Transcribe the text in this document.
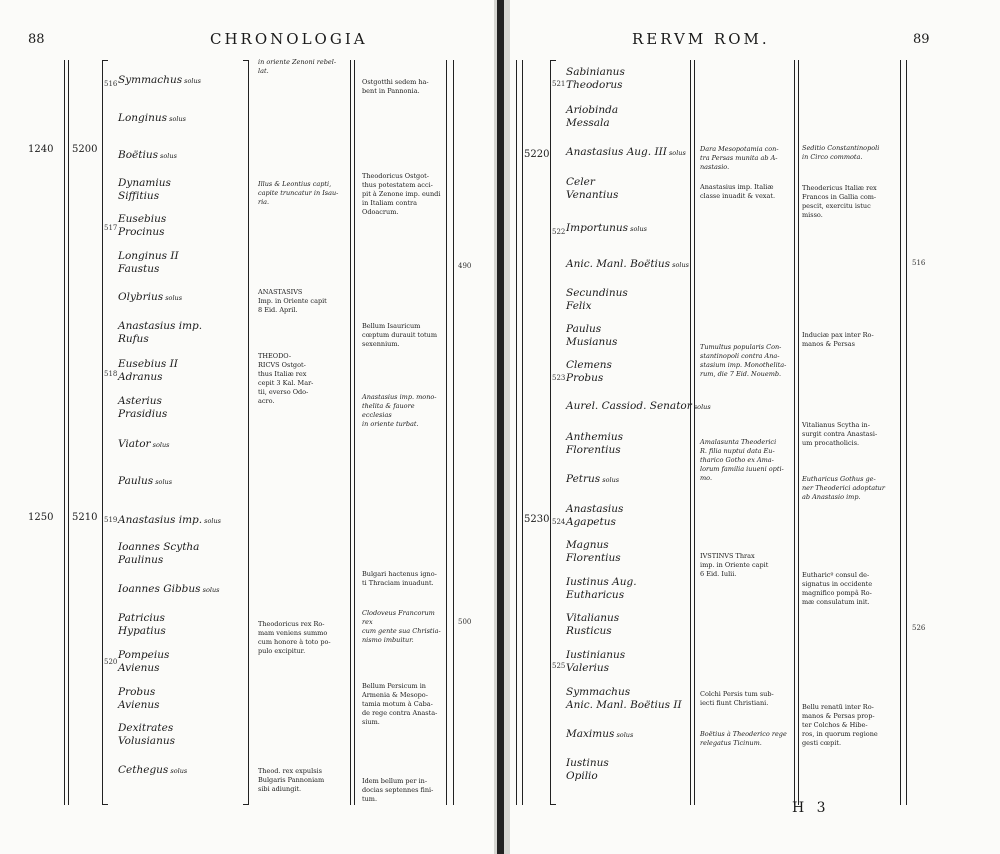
88	CHRONOLOGIA
1240
1250
5200
5210
516
517
518
519
520
Symmachus solus
Longinus solus
Boëtius solus
Dynamius
Siffitius
Eusebius
Procinus
Longinus II
Faustus
Olybrius solus
Anastasius imp.
Rufus
Eusebius II
Adranus
Asterius
Prasidius
Viator solus
Paulus solus
Anastasius imp. solus
Ioannes Scytha
Paulinus
Ioannes Gibbus solus
Patricius
Hypatius
Pompeius
Avienus
Probus
Avienus
Dexitrates
Volusianus
Cethegus solus
in oriente Zenoni rebel-
lat.
Illus & Leontius capti,
capite truncatur in Isau-
ria.
ANASTASIVS
Imp. in Oriente capit
8 Eid. April.
THEODO-
RICVS Ostgot-
thus Italiæ rex
cepit 3 Kal. Mar-
tii, everso Odo-
acro.
Theodoricus rex Ro-
mam veniens summo
cum honore à toto po-
pulo excipitur.
Theod. rex expulsis
Bulgaris Pannoniam
sibi adiungit.
Ostgotthi sedem ha-
bent in Pannonia.
Theodoricus Ostgot-
thus potestatem acci-
pit à Zenone imp. eundi
in Italiam contra
Odoacrum.
Bellum Isauricum
cœptum durauit totum
sexennium.
Anastasius imp. mono-
thelita & fauore ecclesias
in oriente turbat.
Bulgari hactenus igno-
ti Thraciam inuadunt.
Clodoveus Francorum rex
cum gente sua Christia-
nismo imbuitur.
Bellum Persicum in
Armenia & Mesopo-
tamia motum à Caba-
de rege contra Anasta-
sium.
Idem bellum per in-
docias septennes fini-
tum.
490
500
RERVM ROM.	89
5220
5230
521
522
523
524
525
Sabinianus
Theodorus
Ariobinda
Messala
Anastasius Aug. III solus
Celer
Venantius
Importunus solus
Anic. Manl. Boëtius solus
Secundinus
Felix
Paulus
Musianus
Clemens
Probus
Aurel. Cassiod. Senator solus
Anthemius
Florentius
Petrus solus
Anastasius
Agapetus
Magnus
Florentius
Iustinus Aug.
Eutharicus
Vitalianus
Rusticus
Iustinianus
Valerius
Symmachus
Anic. Manl. Boëtius II
Maximus solus
Iustinus
Opilio
Dara Mesopotamia con-
tra Persas munita ab A-
nastasio.
Anastasius imp. Italiæ
classe inuadit & vexat.
Tumultus popularis Con-
stantinopoli contra Ana-
stasium imp. Monothelita-
rum, die 7 Eid. Nouemb.
Amalasunta Theoderici
R. filia nuptui data Eu-
tharico Gotho ex Ama-
lorum familia iuueni opti-
mo.
IVSTINVS Thrax
imp. in Oriente capit
6 Eid. Iulii.
Colchi Persis tum sub-
iecti fiunt Christiani.
Boëtius à Theoderico rege
relegatus Ticinum.
Seditio Constantinopoli
in Circo commota.
Theodericus Italiæ rex
Francos in Gallia com-
pescit, exercitu istuc
misso.
Induciæ pax inter Ro-
manos & Persas
Vitalianus Scytha in-
surgit contra Anastasi-
um procatholicis.
Eutharicus Gothus ge-
ner Theoderici adoptatur
ab Anastasio imp.
Eutharicº consul de-
signatus in occidente
magnifico pompâ Ro-
mæ consulatum init.
Bellu renatũ inter Ro-
manos & Persas prop-
ter Colchos & Hibe-
ros, in quorum regione
gesti cœpit.
516
526
H 3
